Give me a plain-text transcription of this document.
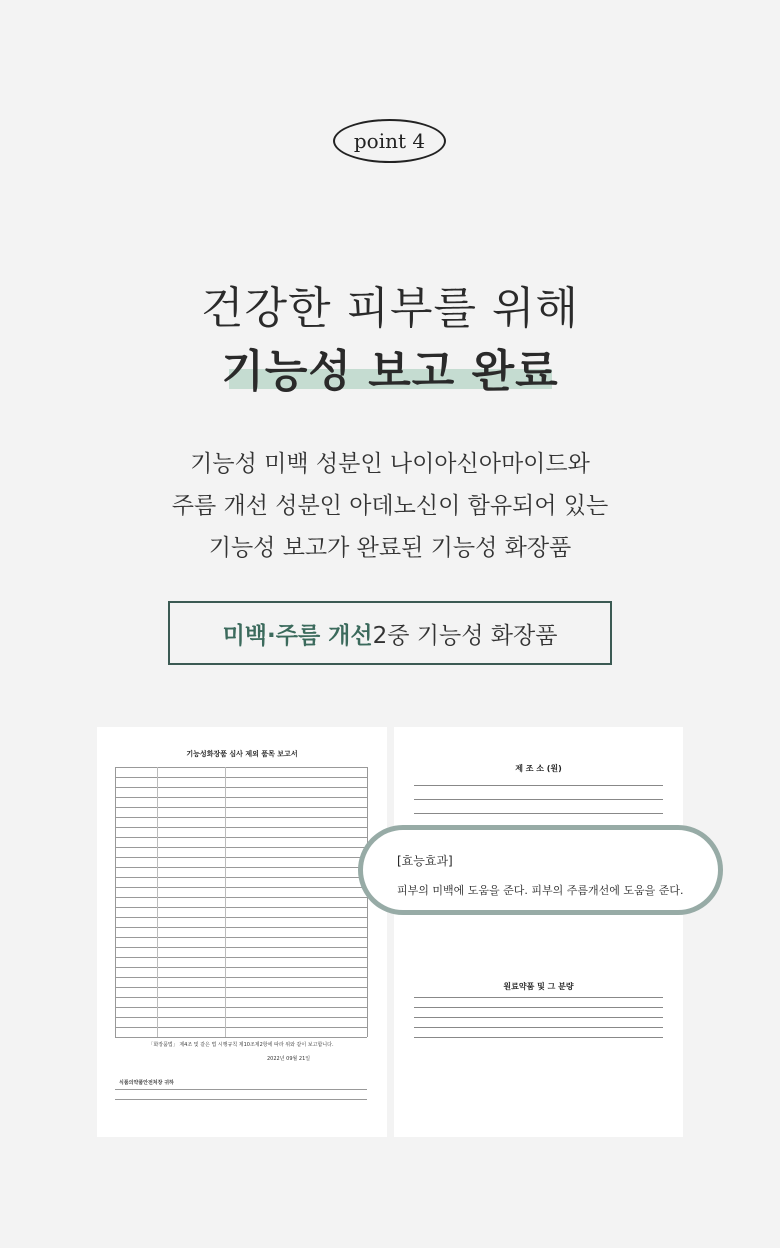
point 4
건강한 피부를 위해
기능성 보고 완료
기능성 미백 성분인 나이아신아마이드와
주름 개선 성분인 아데노신이 함유되어 있는
기능성 보고가 완료된 기능성 화장품
미백·주름 개선 2중 기능성 화장품
기능성화장품 심사 제외 품목 보고서
「화장품법」 제4조 및 같은 법 시행규칙 제10조제2항에 따라 위와 같이 보고합니다.
2022년 09월 21일
식품의약품안전처장 귀하
제 조 소 (원)
원료약품 및 그 분량
[효능효과]
피부의 미백에 도움을 준다. 피부의 주름개선에 도움을 준다.
